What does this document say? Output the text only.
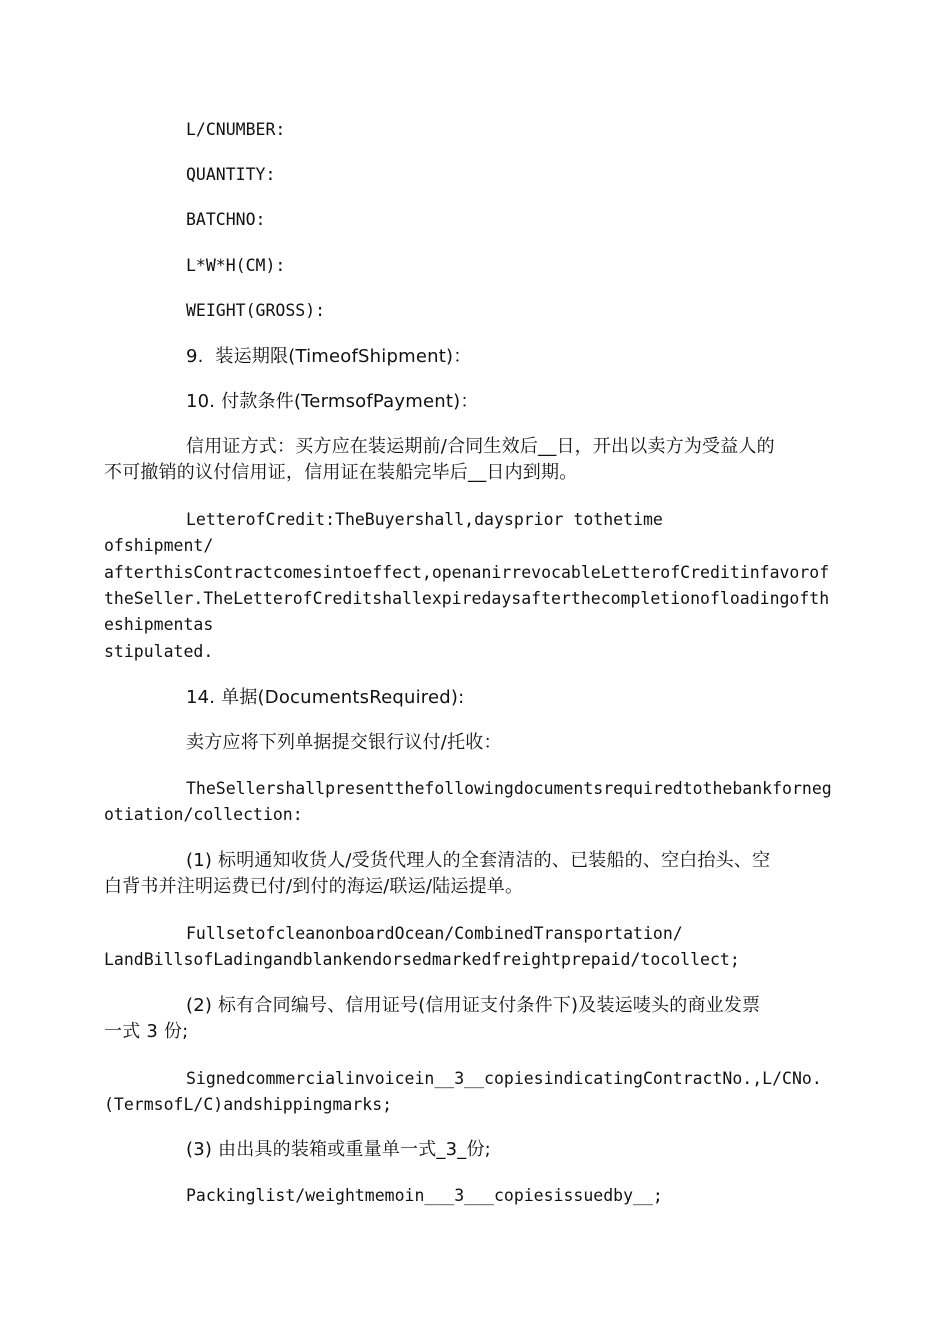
L/CNUMBER:

QUANTITY:

BATCHNO:

L*W*H(CM):

WEIGHT(GROSS):

9.  装运期限(TimeofShipment)：

10. 付款条件(TermsofPayment)：

信用证方式：买方应在装运期前/合同生效后__日，开出以卖方为受益人的

不可撤销的议付信用证，信用证在装船完毕后__日内到期。

LetterofCredit:TheBuyershall,daysprior tothetime

ofshipment/

afterthisContractcomesintoeffect,openanirrevocableLetterofCreditinfavorof

theSeller.TheLetterofCreditshallexpiredaysafterthecompletionofloadingofth

eshipmentas

stipulated.

14. 单据(DocumentsRequired):

卖方应将下列单据提交银行议付/托收：

TheSellershallpresentthefollowingdocumentsrequiredtothebankforneg

otiation/collection:

(1) 标明通知收货人/受货代理人的全套清洁的、已装船的、空白抬头、空

白背书并注明运费已付/到付的海运/联运/陆运提单。

FullsetofcleanonboardOcean/CombinedTransportation/

LandBillsofLadingandblankendorsedmarkedfreightprepaid/tocollect;

(2) 标有合同编号、信用证号(信用证支付条件下)及装运唛头的商业发票

一式 3 份;

Signedcommercialinvoicein__3__copiesindicatingContractNo.,L/CNo.

(TermsofL/C)andshippingmarks;

(3) 由出具的装箱或重量单一式_3_份;

Packinglist/weightmemoin___3___copiesissuedby__;
